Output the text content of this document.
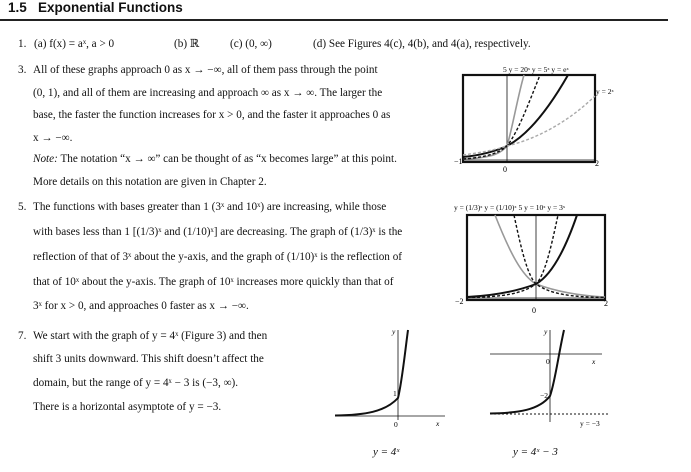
1.5 Exponential Functions
1. (a) f(x) = aˣ, a > 0	(b) ℝ	(c) (0, ∞)	(d) See Figures 4(c), 4(b), and 4(a), respectively.
3. All of these graphs approach 0 as x → −∞, all of them pass through the point
(0, 1), and all of them are increasing and approach ∞ as x → ∞. The larger the
base, the faster the function increases for x > 0, and the faster it approaches 0 as
x → −∞.
Note: The notation “x → ∞” can be thought of as “x becomes large” at this point.
More details on this notation are given in Chapter 2.
5 y = 20ˣ y = 5ˣ y = eˣ
y = 2ˣ
−1	2
0
5. The functions with bases greater than 1 (3ˣ and 10ˣ) are increasing, while those
with bases less than 1 [(1/3)ˣ and (1/10)ˣ] are decreasing. The graph of (1/3)ˣ is the
reflection of that of 3ˣ about the y-axis, and the graph of (1/10)ˣ is the reflection of
that of 10ˣ about the y-axis. The graph of 10ˣ increases more quickly than that of
3ˣ for x > 0, and approaches 0 faster as x → −∞.
y = (1/3)ˣ y = (1/10)ˣ 5 y = 10ˣ y = 3ˣ
−2	2
0
7. We start with the graph of y = 4ˣ (Figure 3) and then
shift 3 units downward. This shift doesn’t affect the
domain, but the range of y = 4ˣ − 3 is (−3, ∞).
There is a horizontal asymptote of y = −3.
y
x
0
1
y = 4ˣ
y
x
0
−2
y = −3
y = 4ˣ − 3
